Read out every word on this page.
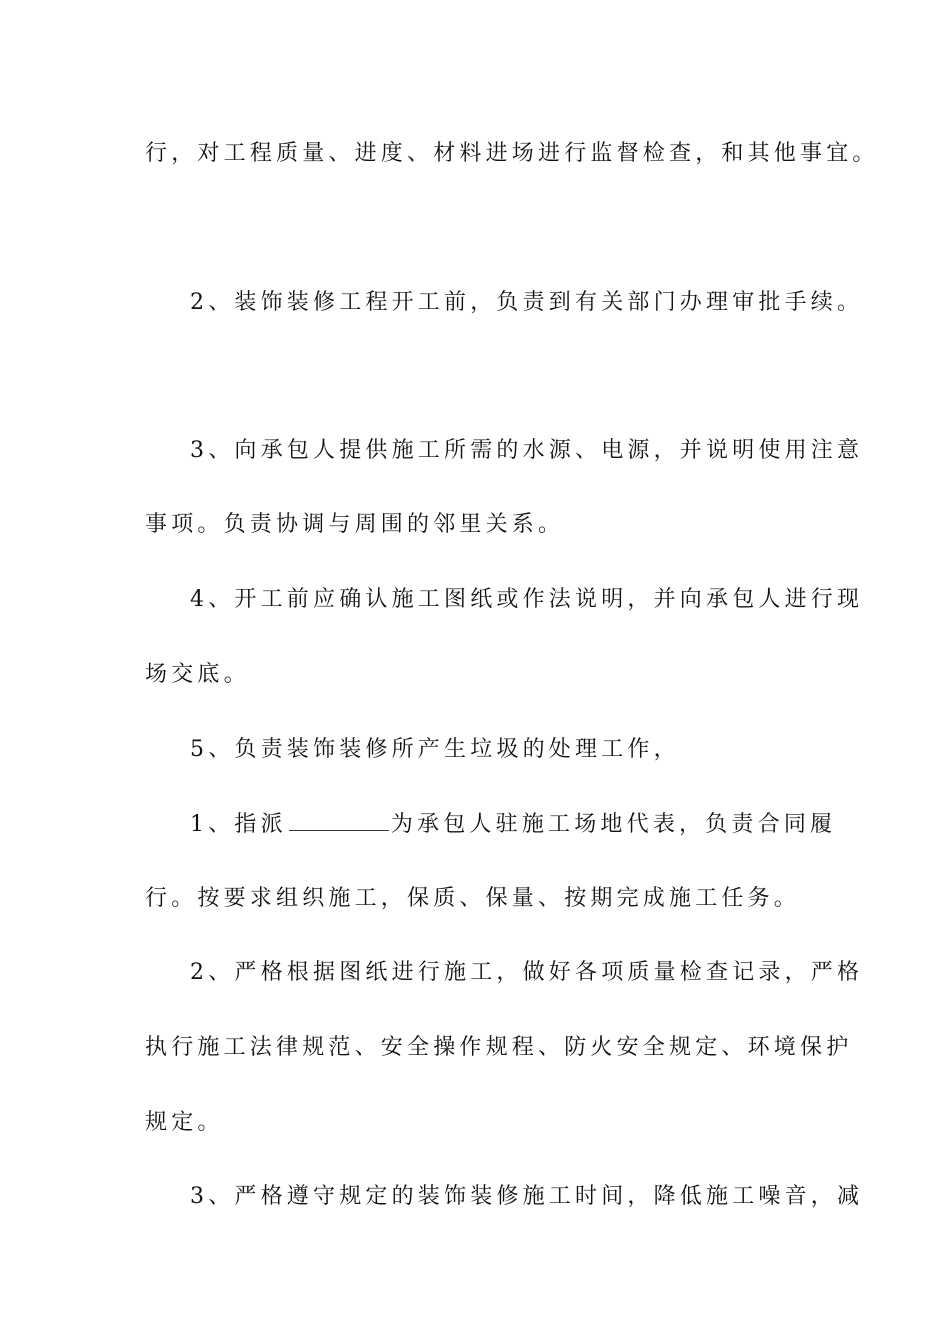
行，对工程质量、进度、材料进场进行监督检查，和其他事宜。
2、装饰装修工程开工前，负责到有关部门办理审批手续。
3、向承包人提供施工所需的水源、电源，并说明使用注意
事项。负责协调与周围的邻里关系。
4、开工前应确认施工图纸或作法说明，并向承包人进行现
场交底。
5、负责装饰装修所产生垃圾的处理工作，
1、指派	为承包人驻施工场地代表，负责合同履
行。按要求组织施工，保质、保量、按期完成施工任务。
2、严格根据图纸进行施工，做好各项质量检查记录，严格
执行施工法律规范、安全操作规程、防火安全规定、环境保护
规定。
3、严格遵守规定的装饰装修施工时间，降低施工噪音，减
